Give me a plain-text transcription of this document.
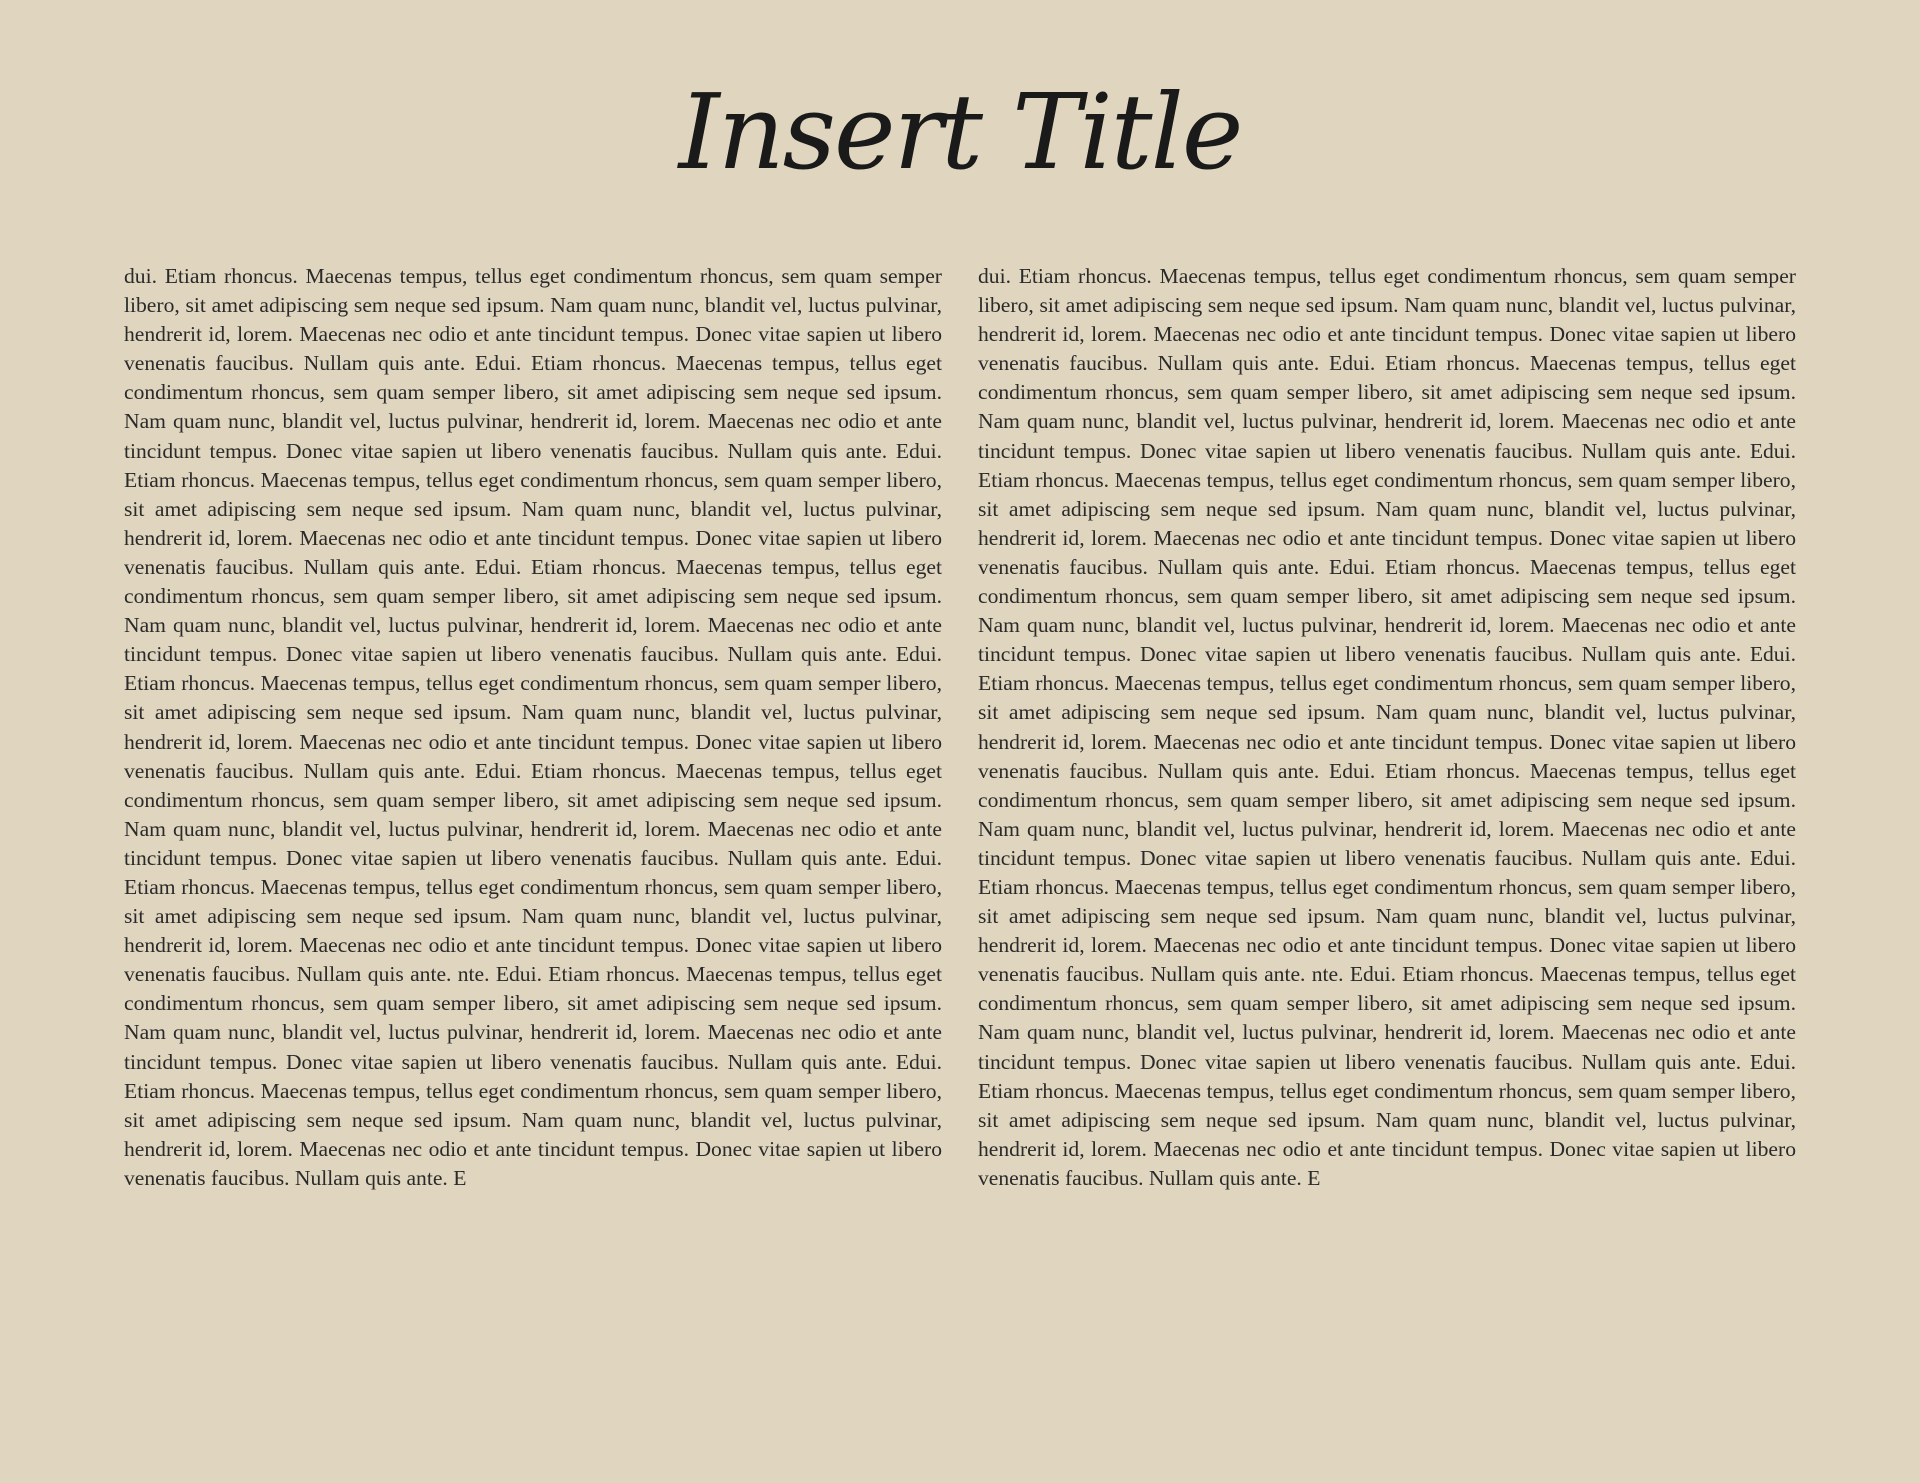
Insert Title

dui. Etiam rhoncus. Maecenas tempus, tellus eget condimentum rhoncus, sem quam semper libero, sit amet adipiscing sem neque sed ipsum. Nam quam nunc, blandit vel, luctus pulvinar, hendrerit id, lorem. Maecenas nec odio et ante tincidunt tempus. Donec vitae sapien ut libero venenatis faucibus. Nullam quis ante. Edui. Etiam rhoncus. Maecenas tempus, tellus eget condimentum rhoncus, sem quam semper libero, sit amet adipiscing sem neque sed ipsum. Nam quam nunc, blandit vel, luctus pulvinar, hendrerit id, lorem. Maecenas nec odio et ante tincidunt tempus. Donec vitae sapien ut libero venenatis faucibus. Nullam quis ante. Edui. Etiam rhoncus. Maecenas tempus, tellus eget condimentum rhoncus, sem quam semper libero, sit amet adipiscing sem neque sed ipsum. Nam quam nunc, blandit vel, luctus pulvinar, hendrerit id, lorem. Maecenas nec odio et ante tincidunt tempus. Donec vitae sapien ut libero venenatis faucibus. Nullam quis ante. Edui. Etiam rhoncus. Maecenas tempus, tellus eget condimentum rhoncus, sem quam semper libero, sit amet adipiscing sem neque sed ipsum. Nam quam nunc, blandit vel, luctus pulvinar, hendrerit id, lorem. Maecenas nec odio et ante tincidunt tempus. Donec vitae sapien ut libero venenatis faucibus. Nullam quis ante. Edui. Etiam rhoncus. Maecenas tempus, tellus eget condimentum rhoncus, sem quam semper libero, sit amet adipiscing sem neque sed ipsum. Nam quam nunc, blandit vel, luctus pulvinar, hendrerit id, lorem. Maecenas nec odio et ante tincidunt tempus. Donec vitae sapien ut libero venenatis faucibus. Nullam quis ante. Edui. Etiam rhoncus. Maecenas tempus, tellus eget condimentum rhoncus, sem quam semper libero, sit amet adipiscing sem neque sed ipsum. Nam quam nunc, blandit vel, luctus pulvinar, hendrerit id, lorem. Maecenas nec odio et ante tincidunt tempus. Donec vitae sapien ut libero venenatis faucibus. Nullam quis ante. Edui. Etiam rhoncus. Maecenas tempus, tellus eget condimentum rhoncus, sem quam semper libero, sit amet adipiscing sem neque sed ipsum. Nam quam nunc, blandit vel, luctus pulvinar, hendrerit id, lorem. Maecenas nec odio et ante tincidunt tempus. Donec vitae sapien ut libero venenatis faucibus. Nullam quis ante. nte. Edui. Etiam rhoncus. Maecenas tempus, tellus eget condimentum rhoncus, sem quam semper libero, sit amet adipiscing sem neque sed ipsum. Nam quam nunc, blandit vel, luctus pulvinar, hendrerit id, lorem. Maecenas nec odio et ante tincidunt tempus. Donec vitae sapien ut libero venenatis faucibus. Nullam quis ante. Edui. Etiam rhoncus. Maecenas tempus, tellus eget condimentum rhoncus, sem quam semper libero, sit amet adipiscing sem neque sed ipsum. Nam quam nunc, blandit vel, luctus pulvinar, hendrerit id, lorem. Maecenas nec odio et ante tincidunt tempus. Donec vitae sapien ut libero venenatis faucibus. Nullam quis ante. E

dui. Etiam rhoncus. Maecenas tempus, tellus eget condimentum rhoncus, sem quam semper libero, sit amet adipiscing sem neque sed ipsum. Nam quam nunc, blandit vel, luctus pulvinar, hendrerit id, lorem. Maecenas nec odio et ante tincidunt tempus. Donec vitae sapien ut libero venenatis faucibus. Nullam quis ante. Edui. Etiam rhoncus. Maecenas tempus, tellus eget condimentum rhoncus, sem quam semper libero, sit amet adipiscing sem neque sed ipsum. Nam quam nunc, blandit vel, luctus pulvinar, hendrerit id, lorem. Maecenas nec odio et ante tincidunt tempus. Donec vitae sapien ut libero venenatis faucibus. Nullam quis ante. Edui. Etiam rhoncus. Maecenas tempus, tellus eget condimentum rhoncus, sem quam semper libero, sit amet adipiscing sem neque sed ipsum. Nam quam nunc, blandit vel, luctus pulvinar, hendrerit id, lorem. Maecenas nec odio et ante tincidunt tempus. Donec vitae sapien ut libero venenatis faucibus. Nullam quis ante. Edui. Etiam rhoncus. Maecenas tempus, tellus eget condimentum rhoncus, sem quam semper libero, sit amet adipiscing sem neque sed ipsum. Nam quam nunc, blandit vel, luctus pulvinar, hendrerit id, lorem. Maecenas nec odio et ante tincidunt tempus. Donec vitae sapien ut libero venenatis faucibus. Nullam quis ante. Edui. Etiam rhoncus. Maecenas tempus, tellus eget condimentum rhoncus, sem quam semper libero, sit amet adipiscing sem neque sed ipsum. Nam quam nunc, blandit vel, luctus pulvinar, hendrerit id, lorem. Maecenas nec odio et ante tincidunt tempus. Donec vitae sapien ut libero venenatis faucibus. Nullam quis ante. Edui. Etiam rhoncus. Maecenas tempus, tellus eget condimentum rhoncus, sem quam semper libero, sit amet adipiscing sem neque sed ipsum. Nam quam nunc, blandit vel, luctus pulvinar, hendrerit id, lorem. Maecenas nec odio et ante tincidunt tempus. Donec vitae sapien ut libero venenatis faucibus. Nullam quis ante. Edui. Etiam rhoncus. Maecenas tempus, tellus eget condimentum rhoncus, sem quam semper libero, sit amet adipiscing sem neque sed ipsum. Nam quam nunc, blandit vel, luctus pulvinar, hendrerit id, lorem. Maecenas nec odio et ante tincidunt tempus. Donec vitae sapien ut libero venenatis faucibus. Nullam quis ante. nte. Edui. Etiam rhoncus. Maecenas tempus, tellus eget condimentum rhoncus, sem quam semper libero, sit amet adipiscing sem neque sed ipsum. Nam quam nunc, blandit vel, luctus pulvinar, hendrerit id, lorem. Maecenas nec odio et ante tincidunt tempus. Donec vitae sapien ut libero venenatis faucibus. Nullam quis ante. Edui. Etiam rhoncus. Maecenas tempus, tellus eget condimentum rhoncus, sem quam semper libero, sit amet adipiscing sem neque sed ipsum. Nam quam nunc, blandit vel, luctus pulvinar, hendrerit id, lorem. Maecenas nec odio et ante tincidunt tempus. Donec vitae sapien ut libero venenatis faucibus. Nullam quis ante. E
